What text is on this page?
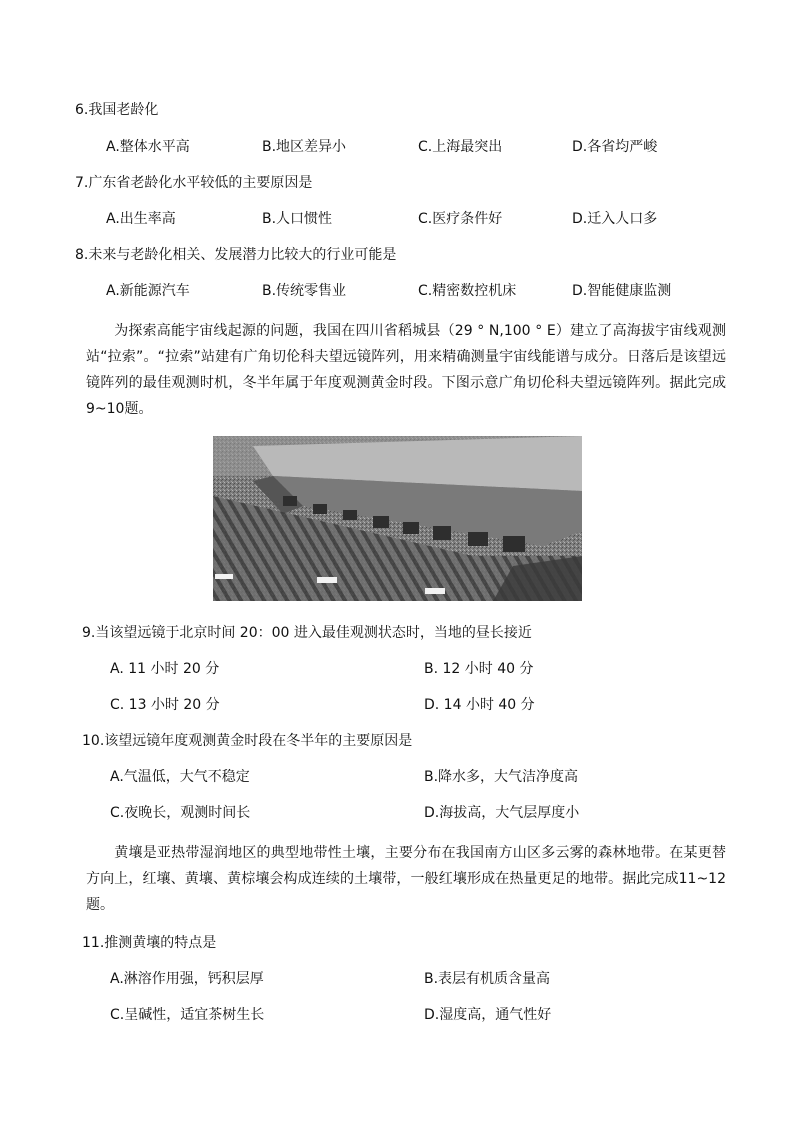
6.我国老龄化
A.整体水平高	B.地区差异小	C.上海最突出	D.各省均严峻
7.广东省老龄化水平较低的主要原因是
A.出生率高	B.人口惯性	C.医疗条件好	D.迁入人口多
8.未来与老龄化相关、发展潜力比较大的行业可能是
A.新能源汽车	B.传统零售业	C.精密数控机床	D.智能健康监测
为探索高能宇宙线起源的问题，我国在四川省稻城县（29 ° N,100 ° E）建立了高海拔宇宙线观测站“拉索”。“拉索”站建有广角切伦科夫望远镜阵列，用来精确测量宇宙线能谱与成分。日落后是该望远镜阵列的最佳观测时机，冬半年属于年度观测黄金时段。下图示意广角切伦科夫望远镜阵列。据此完成9~10题。
9.当该望远镜于北京时间 20：00 进入最佳观测状态时，当地的昼长接近
A. 11 小时 20 分	B. 12 小时 40 分
C. 13 小时 20 分	D. 14 小时 40 分
10.该望远镜年度观测黄金时段在冬半年的主要原因是
A.气温低，大气不稳定	B.降水多，大气洁净度高
C.夜晚长，观测时间长	D.海拔高，大气层厚度小
黄壤是亚热带湿润地区的典型地带性土壤，主要分布在我国南方山区多云雾的森林地带。在某更替方向上，红壤、黄壤、黄棕壤会构成连续的土壤带，一般红壤形成在热量更足的地带。据此完成11~12题。
11.推测黄壤的特点是
A.淋溶作用强，钙积层厚	B.表层有机质含量高
C.呈碱性，适宜茶树生长	D.湿度高，通气性好
